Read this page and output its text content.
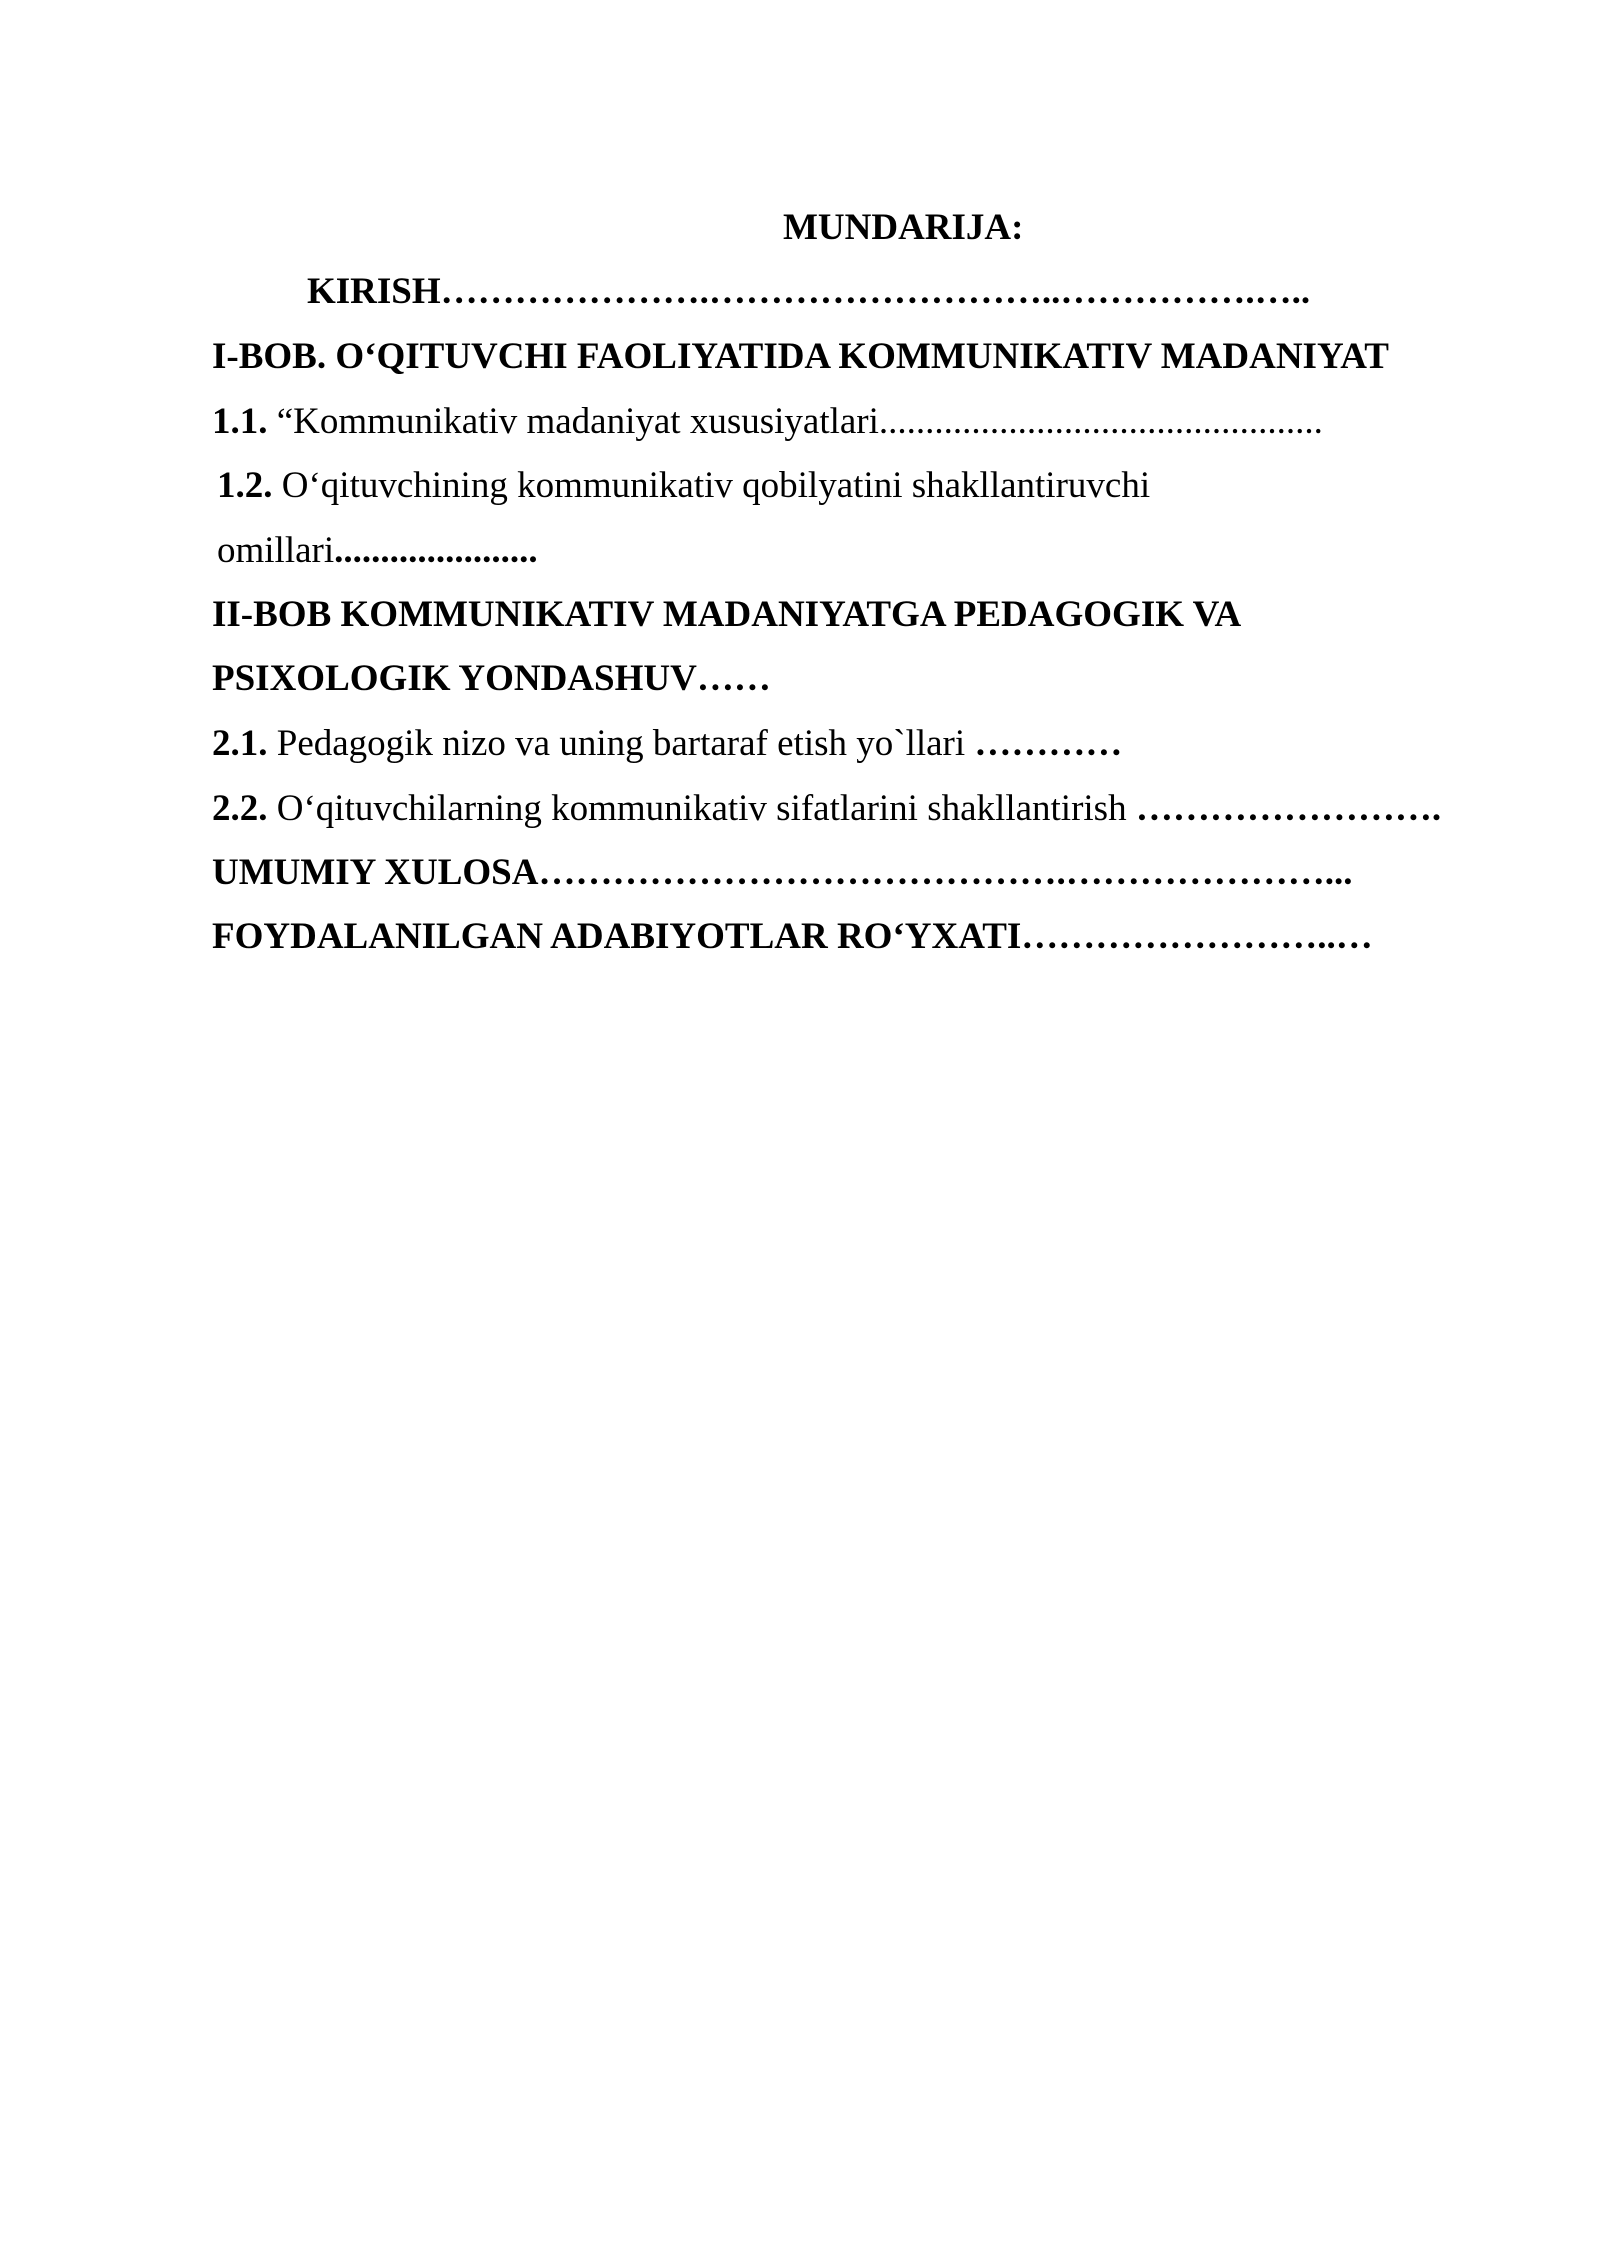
MUNDARIJA:
KIRISH………………….………………………..…………….…..
I-BOB. O‘QITUVCHI FAOLIYATIDA KOMMUNIKATIV MADANIYAT
1.1. “Kommunikativ madaniyat xususiyatlari................................................
1.2. O‘qituvchining kommunikativ qobilyatini shakllantiruvchi
omillari......................
II-BOB KOMMUNIKATIV MADANIYATGA PEDAGOGIK VA
PSIXOLOGIK YONDASHUV……
2.1. Pedagogik nizo va uning bartaraf etish yo`llari …………
2.2. O‘qituvchilarning kommunikativ sifatlarini shakllantirish …………………….
UMUMIY XULOSA…………………………………….…………………...
FOYDALANILGAN ADABIYOTLAR RO‘YXATI……………………..…
